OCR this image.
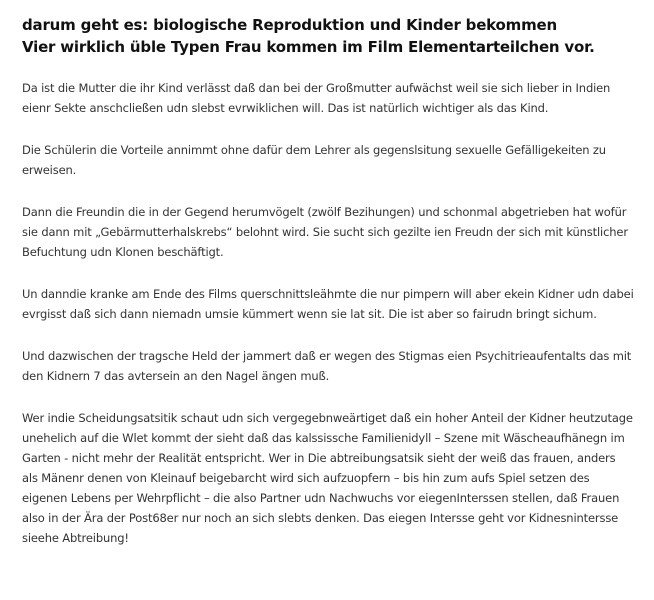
darum geht es: biologische Reproduktion und Kinder bekommen
Vier wirklich üble Typen Frau kommen im Film Elementarteilchen vor.

Da ist die Mutter die ihr Kind verlässt daß dan bei der Großmutter aufwächst weil sie sich lieber in Indien eienr Sekte anschcließen udn slebst evrwiklichen will. Das ist natürlich wichtiger als das Kind.

Die Schülerin die Vorteile annimmt ohne dafür dem Lehrer als gegenslsitung sexuelle Gefälligekeiten zu erweisen.

Dann die Freundin die in der Gegend herumvögelt (zwölf Bezihungen) und schonmal abgetrieben hat wofür sie dann mit „Gebärmutterhalskrebs“ belohnt wird. Sie sucht sich gezilte ien Freudn der sich mit künstlicher Befuchtung udn Klonen beschäftigt.

Un danndie kranke am Ende des Films querschnittsleähmte die nur pimpern will aber ekein Kidner udn dabei evrgisst daß sich dann niemadn umsie kümmert wenn sie lat sit. Die ist aber so fairudn bringt sichum.

Und dazwischen der tragsche Held der jammert daß er wegen des Stigmas eien Psychitrieaufentalts das mit den Kidnern 7 das avtersein an den Nagel ängen muß.

Wer indie Scheidungsatsitik schaut udn sich vergegebnweärtiget daß ein hoher Anteil der Kidner heutzutage unehelich auf die Wlet kommt der sieht daß das kalssissche Familienidyll – Szene mit Wäscheaufhänegn im Garten - nicht mehr der Realität entspricht. Wer in Die abtreibungsatsik sieht der weiß das frauen, anders als Mänenr denen von Kleinauf beigebarcht wird sich aufzuopfern – bis hin zum aufs Spiel setzen des eigenen Lebens per Wehrpflicht – die also Partner udn Nachwuchs vor eiegenInterssen stellen, daß Frauen also in der Ära der Post68er nur noch an sich slebts denken. Das eiegen Intersse geht vor Kidnesnintersse sieehe Abtreibung!
